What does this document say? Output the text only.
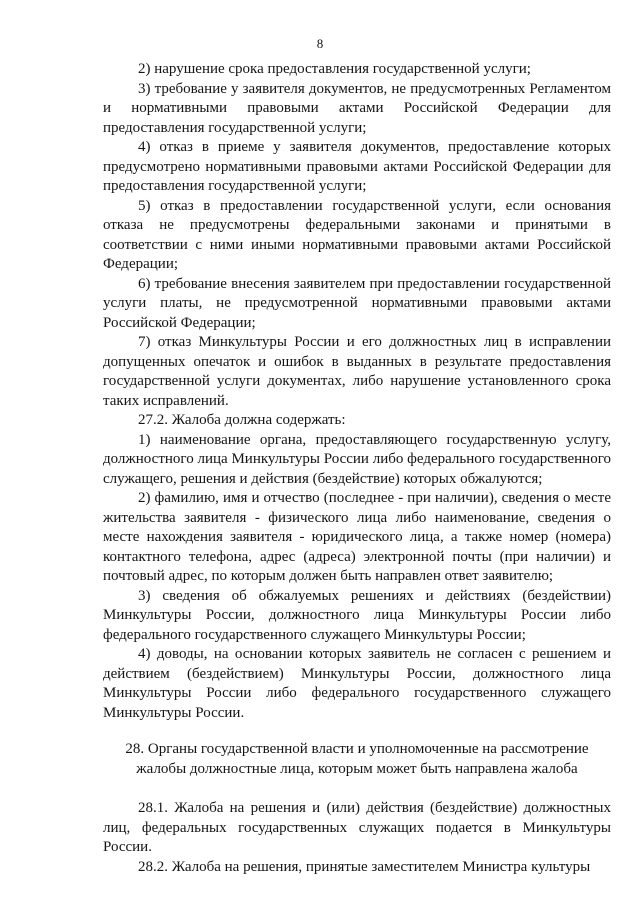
8

2) нарушение срока предоставления государственной услуги;

3) требование у заявителя документов, не предусмотренных Регламентом и нормативными правовыми актами Российской Федерации для предоставления государственной услуги;

4) отказ в приеме у заявителя документов, предоставление которых предусмотрено нормативными правовыми актами Российской Федерации для предоставления государственной услуги;

5) отказ в предоставлении государственной услуги, если основания отказа не предусмотрены федеральными законами и принятыми в соответствии с ними иными нормативными правовыми актами Российской Федерации;

6) требование внесения заявителем при предоставлении государственной услуги платы, не предусмотренной нормативными правовыми актами Российской Федерации;

7) отказ Минкультуры России и его должностных лиц в исправлении допущенных опечаток и ошибок в выданных в результате предоставления государственной услуги документах, либо нарушение установленного срока таких исправлений.

27.2. Жалоба должна содержать:

1) наименование органа, предоставляющего государственную услугу, должностного лица Минкультуры России либо федерального государственного служащего, решения и действия (бездействие) которых обжалуются;

2) фамилию, имя и отчество (последнее - при наличии), сведения о месте жительства заявителя - физического лица либо наименование, сведения о месте нахождения заявителя - юридического лица, а также номер (номера) контактного телефона, адрес (адреса) электронной почты (при наличии) и почтовый адрес, по которым должен быть направлен ответ заявителю;

3) сведения об обжалуемых решениях и действиях (бездействии) Минкультуры России, должностного лица Минкультуры России либо федерального государственного служащего Минкультуры России;

4) доводы, на основании которых заявитель не согласен с решением и действием (бездействием) Минкультуры России, должностного лица Минкультуры России либо федерального государственного служащего Минкультуры России.

28. Органы государственной власти и уполномоченные на рассмотрение жалобы должностные лица, которым может быть направлена жалоба

28.1. Жалоба на решения и (или) действия (бездействие) должностных лиц, федеральных государственных служащих подается в Минкультуры России.

28.2. Жалоба на решения, принятые заместителем Министра культуры
